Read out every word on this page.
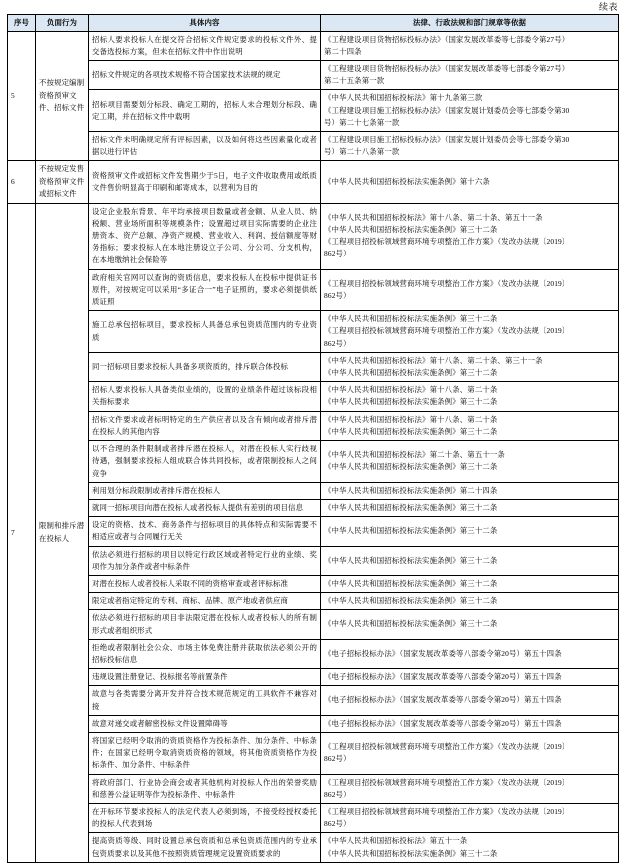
续表
序号	负面行为	具体内容	法律、行政法规和部门规章等依据
5	不按规定编制资格预审文件、招标文件	招标人要求投标人在提交符合招标文件规定要求的投标文件外、提交备选投标方案，但未在招标文件中作出说明	《工程建设项目货物招标投标办法》（国家发展改革委等七部委令第27号）
第二十四条

		招标文件规定的各项技术规格不符合国家技术法规的规定	《工程建设项目货物招标投标办法》（国家发展改革委等七部委令第27号）
第二十五条第一款

		招标项目需要划分标段、确定工期的，招标人未合理划分标段、确定工期，并在招标文件中载明	《中华人民共和国招标投标法》第十九条第三款
《工程建设项目施工招标投标办法》（国家发展计划委员会等七部委令第30
号）第二十七条第一款

		招标文件未明确规定所有评标因素，以及如何将这些因素量化或者据以进行评估	《工程建设项目施工招标投标办法》（国家发展计划委员会等七部委令第30
号）第二十八条第一款

6	不按规定发售资格预审文件或招标文件	资格预审文件或招标文件发售期少于5日，电子文件收取费用或纸质文件售价明显高于印刷和邮寄成本，以营利为目的	《中华人民共和国招标投标法实施条例》第十六条

7	限制和排斥潜在投标人	设定企业股东背景、年平均承接项目数量或者金额、从业人员、纳税额、营业场所面积等规模条件；设置超过项目实际需要的企业注册资本、资产总额、净资产规模、营业收入、利润、授信额度等财务指标；要求投标人在本地注册设立子公司、分公司、分支机构，在本地缴纳社会保险等	《中华人民共和国招标投标法》第十八条、第二十条、第五十一条
《中华人民共和国招标投标法实施条例》第三十二条
《工程项目招投标领域营商环境专项整治工作方案》（发改办法规〔2019〕
862号）

		政府相关官网可以查询的资质信息，要求投标人在投标中提供证书原件，对按规定可以采用“多证合一”电子证照的，要求必须提供纸质证照	《工程项目招投标领域营商环境专项整治工作方案》（发改办法规〔2019〕
862号）

		施工总承包招标项目，要求投标人具备总承包资质范围内的专业资质	《中华人民共和国招标投标法实施条例》第三十二条
《工程项目招投标领域营商环境专项整治工作方案》（发改办法规〔2019〕
862号）

		同一招标项目要求投标人具备多项资质的，排斥联合体投标	《中华人民共和国招标投标法》第十八条、第二十条、第三十一条
《中华人民共和国招标投标法实施条例》第三十二条

		招标人要求投标人具备类似业绩的，设置的业绩条件超过该标段相关指标要求	《中华人民共和国招标投标法》第十八条、第二十条
《中华人民共和国招标投标法实施条例》第三十二条

		招标文件要求或者标明特定的生产供应者以及含有倾向或者排斥潜在投标人的其他内容	《中华人民共和国招标投标法》第十八条、第二十条
《中华人民共和国招标投标法实施条例》第三十二条

		以不合理的条件限制或者排斥潜在投标人，对潜在投标人实行歧视待遇，强制要求投标人组成联合体共同投标，或者限制投标人之间竞争	《中华人民共和国招标投标法》第二十条、第五十一条
《中华人民共和国招标投标法实施条例》第三十二条

		利用划分标段限制或者排斥潜在投标人	《中华人民共和国招标投标法实施条例》第二十四条

		就同一招标项目向潜在投标人或者投标人提供有差别的项目信息	《中华人民共和国招标投标法实施条例》第三十二条

		设定的资格、技术、商务条件与招标项目的具体特点和实际需要不相适应或者与合同履行无关	《中华人民共和国招标投标法实施条例》第三十二条

		依法必须进行招标的项目以特定行政区域或者特定行业的业绩、奖项作为加分条件或者中标条件	《中华人民共和国招标投标法实施条例》第三十二条

		对潜在投标人或者投标人采取不同的资格审查或者评标标准	《中华人民共和国招标投标法实施条例》第三十二条

		限定或者指定特定的专利、商标、品牌、原产地或者供应商	《中华人民共和国招标投标法实施条例》第三十二条

		依法必须进行招标的项目非法限定潜在投标人或者投标人的所有制形式或者组织形式	《中华人民共和国招标投标法实施条例》第三十二条

		拒绝或者限制社会公众、市场主体免费注册并获取依法必须公开的招标投标信息	《电子招标投标办法》（国家发展改革委等八部委令第20号）第五十四条

		违规设置注册登记、投标报名等前置条件	《电子招标投标办法》（国家发展改革委等八部委令第20号）第五十四条

		故意与各类需要分离开发并符合技术规范规定的工具软件不兼容对接	《电子招标投标办法》（国家发展改革委等八部委令第20号）第五十四条

		故意对递交或者解密投标文件设置障碍等	《电子招标投标办法》（国家发展改革委等八部委令第20号）第五十四条

		将国家已经明令取消的资质资格作为投标条件、加分条件、中标条件；在国家已经明令取消资质资格的领域，将其他资质资格作为投标条件、加分条件、中标条件	《工程项目招投标领域营商环境专项整治工作方案》（发改办法规〔2019〕
862号）

		将政府部门、行业协会商会或者其他机构对投标人作出的荣誉奖励和慈善公益证明等作为投标条件、中标条件	《工程项目招投标领域营商环境专项整治工作方案》（发改办法规〔2019〕
862号）

		在开标环节要求投标人的法定代表人必须到场，不接受经授权委托的投标人代表到场	《工程项目招投标领域营商环境专项整治工作方案》（发改办法规〔2019〕
862号）

		提高资质等级、同时设置总承包资质和总承包资质范围内的专业承包资质要求以及其他不按照资质管理规定设置资质要求的	《中华人民共和国招标投标法》第五十一条
《中华人民共和国招标投标法实施条例》第三十二条
